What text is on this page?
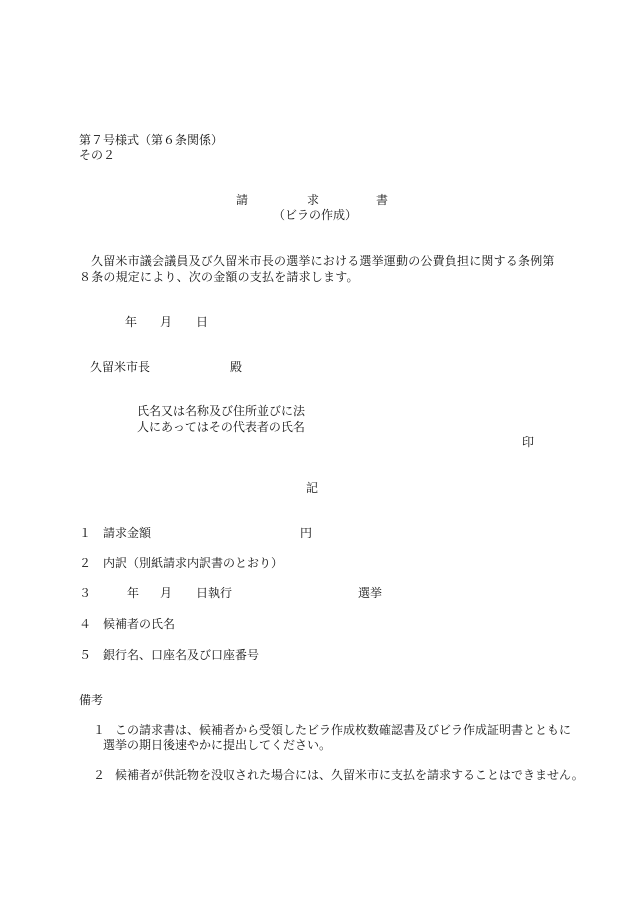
第７号様式（第６条関係）
その２
請	求	書
（ビラの作成）
久留米市議会議員及び久留米市長の選挙における選挙運動の公費負担に関する条例第
８条の規定により、次の金額の支払を請求します。
年 月 日
久留米市長	殿
氏名又は名称及び住所並びに法
人にあってはその代表者の氏名
印
記
１ 請求金額	円
２ 内訳（別紙請求内訳書のとおり）
３	年 月 日執行	選挙
４ 候補者の氏名
５ 銀行名、口座名及び口座番号
備考
１ この請求書は、候補者から受領したビラ作成枚数確認書及びビラ作成証明書とともに
選挙の期日後速やかに提出してください。
２ 候補者が供託物を没収された場合には、久留米市に支払を請求することはできません。
